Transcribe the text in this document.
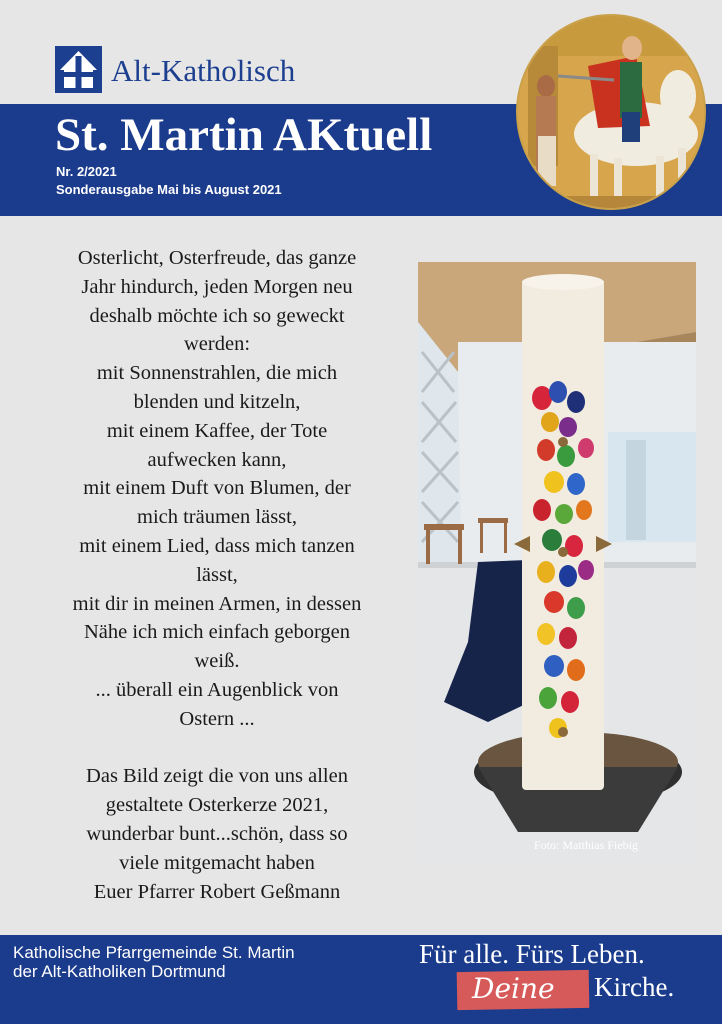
Alt-Katholisch
St. Martin AKtuell
Nr. 2/2021
Sonderausgabe Mai bis August 2021
Osterlicht, Osterfreude, das ganze
Jahr hindurch, jeden Morgen neu
deshalb möchte ich so geweckt
werden:
mit Sonnenstrahlen, die mich
blenden und kitzeln,
mit einem Kaffee, der Tote
aufwecken kann,
mit einem Duft von Blumen, der
mich träumen lässt,
mit einem Lied, dass mich tanzen
lässt,
mit dir in meinen Armen, in dessen
Nähe ich mich einfach geborgen
weiß.
... überall ein Augenblick von
Ostern ...
Das Bild zeigt die von uns allen
gestaltete Osterkerze 2021,
wunderbar bunt...schön, dass so
viele mitgemacht haben
Euer Pfarrer Robert Geßmann
Foto: Matthias Fiebig
Katholische Pfarrgemeinde St. Martin
der Alt-Katholiken Dortmund
Für alle. Fürs Leben.
Deine Kirche.
